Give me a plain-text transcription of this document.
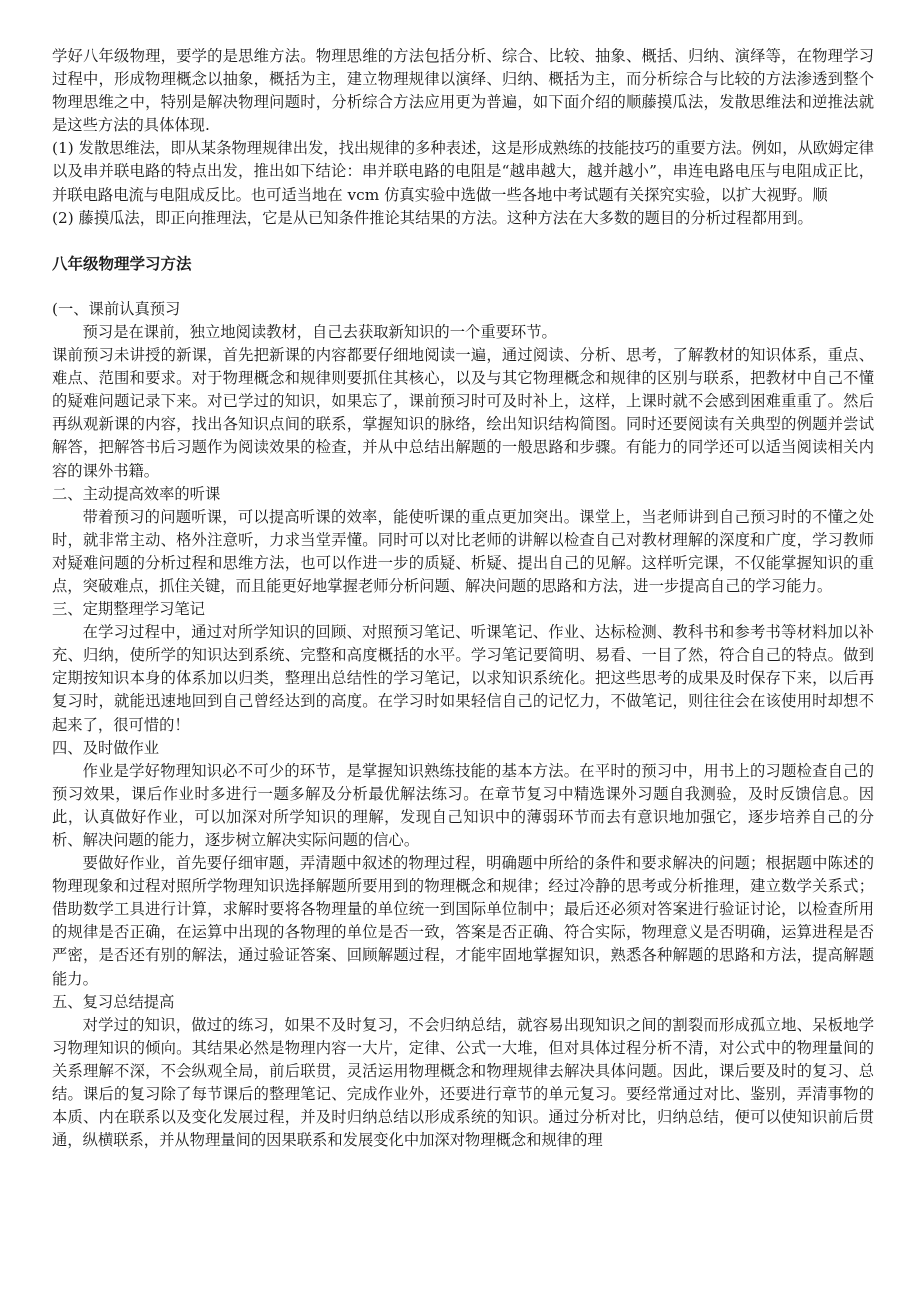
学好八年级物理，要学的是思维方法。物理思维的方法包括分析、综合、比较、抽象、概括、归纳、演绎等，在物理学习过程中，形成物理概念以抽象，概括为主，建立物理规律以演绎、归纳、概括为主，而分析综合与比较的方法渗透到整个物理思维之中，特别是解决物理问题时，分析综合方法应用更为普遍，如下面介绍的顺藤摸瓜法，发散思维法和逆推法就是这些方法的具体体现.

(1) 发散思维法，即从某条物理规律出发，找出规律的多种表述，这是形成熟练的技能技巧的重要方法。例如，从欧姆定律以及串并联电路的特点出发，推出如下结论：串并联电路的电阻是“越串越大，越并越小”，串连电路电压与电阻成正比，并联电路电流与电阻成反比。也可适当地在 vcm 仿真实验中选做一些各地中考试题有关探究实验，以扩大视野。顺

(2) 藤摸瓜法，即正向推理法，它是从已知条件推论其结果的方法。这种方法在大多数的题目的分析过程都用到。

八年级物理学习方法

(一、课前认真预习

预习是在课前，独立地阅读教材，自己去获取新知识的一个重要环节。

课前预习未讲授的新课，首先把新课的内容都要仔细地阅读一遍，通过阅读、分析、思考，了解教材的知识体系，重点、难点、范围和要求。对于物理概念和规律则要抓住其核心，以及与其它物理概念和规律的区别与联系，把教材中自己不懂的疑难问题记录下来。对已学过的知识，如果忘了，课前预习时可及时补上，这样，上课时就不会感到困难重重了。然后再纵观新课的内容，找出各知识点间的联系，掌握知识的脉络，绘出知识结构简图。同时还要阅读有关典型的例题并尝试解答，把解答书后习题作为阅读效果的检查，并从中总结出解题的一般思路和步骤。有能力的同学还可以适当阅读相关内容的课外书籍。

二、主动提高效率的听课

带着预习的问题听课，可以提高听课的效率，能使听课的重点更加突出。课堂上，当老师讲到自己预习时的不懂之处时，就非常主动、格外注意听，力求当堂弄懂。同时可以对比老师的讲解以检查自己对教材理解的深度和广度，学习教师对疑难问题的分析过程和思维方法，也可以作进一步的质疑、析疑、提出自己的见解。这样听完课，不仅能掌握知识的重点，突破难点，抓住关键，而且能更好地掌握老师分析问题、解决问题的思路和方法，进一步提高自己的学习能力。

三、定期整理学习笔记

在学习过程中，通过对所学知识的回顾、对照预习笔记、听课笔记、作业、达标检测、教科书和参考书等材料加以补充、归纳，使所学的知识达到系统、完整和高度概括的水平。学习笔记要简明、易看、一目了然，符合自己的特点。做到定期按知识本身的体系加以归类，整理出总结性的学习笔记，以求知识系统化。把这些思考的成果及时保存下来，以后再复习时，就能迅速地回到自己曾经达到的高度。在学习时如果轻信自己的记忆力，不做笔记，则往往会在该使用时却想不起来了，很可惜的！

四、及时做作业

作业是学好物理知识必不可少的环节，是掌握知识熟练技能的基本方法。在平时的预习中，用书上的习题检查自己的预习效果，课后作业时多进行一题多解及分析最优解法练习。在章节复习中精选课外习题自我测验，及时反馈信息。因此，认真做好作业，可以加深对所学知识的理解，发现自己知识中的薄弱环节而去有意识地加强它，逐步培养自己的分析、解决问题的能力，逐步树立解决实际问题的信心。

要做好作业，首先要仔细审题，弄清题中叙述的物理过程，明确题中所给的条件和要求解决的问题；根据题中陈述的物理现象和过程对照所学物理知识选择解题所要用到的物理概念和规律；经过冷静的思考或分析推理，建立数学关系式；借助数学工具进行计算，求解时要将各物理量的单位统一到国际单位制中；最后还必须对答案进行验证讨论，以检查所用的规律是否正确，在运算中出现的各物理的单位是否一致，答案是否正确、符合实际，物理意义是否明确，运算进程是否严密，是否还有别的解法，通过验证答案、回顾解题过程，才能牢固地掌握知识，熟悉各种解题的思路和方法，提高解题能力。

五、复习总结提高

对学过的知识，做过的练习，如果不及时复习，不会归纳总结，就容易出现知识之间的割裂而形成孤立地、呆板地学习物理知识的倾向。其结果必然是物理内容一大片，定律、公式一大堆，但对具体过程分析不清，对公式中的物理量间的关系理解不深，不会纵观全局，前后联贯，灵活运用物理概念和物理规律去解决具体问题。因此，课后要及时的复习、总结。课后的复习除了每节课后的整理笔记、完成作业外，还要进行章节的单元复习。要经常通过对比、鉴别，弄清事物的本质、内在联系以及变化发展过程，并及时归纳总结以形成系统的知识。通过分析对比，归纳总结，便可以使知识前后贯通，纵横联系，并从物理量间的因果联系和发展变化中加深对物理概念和规律的理
